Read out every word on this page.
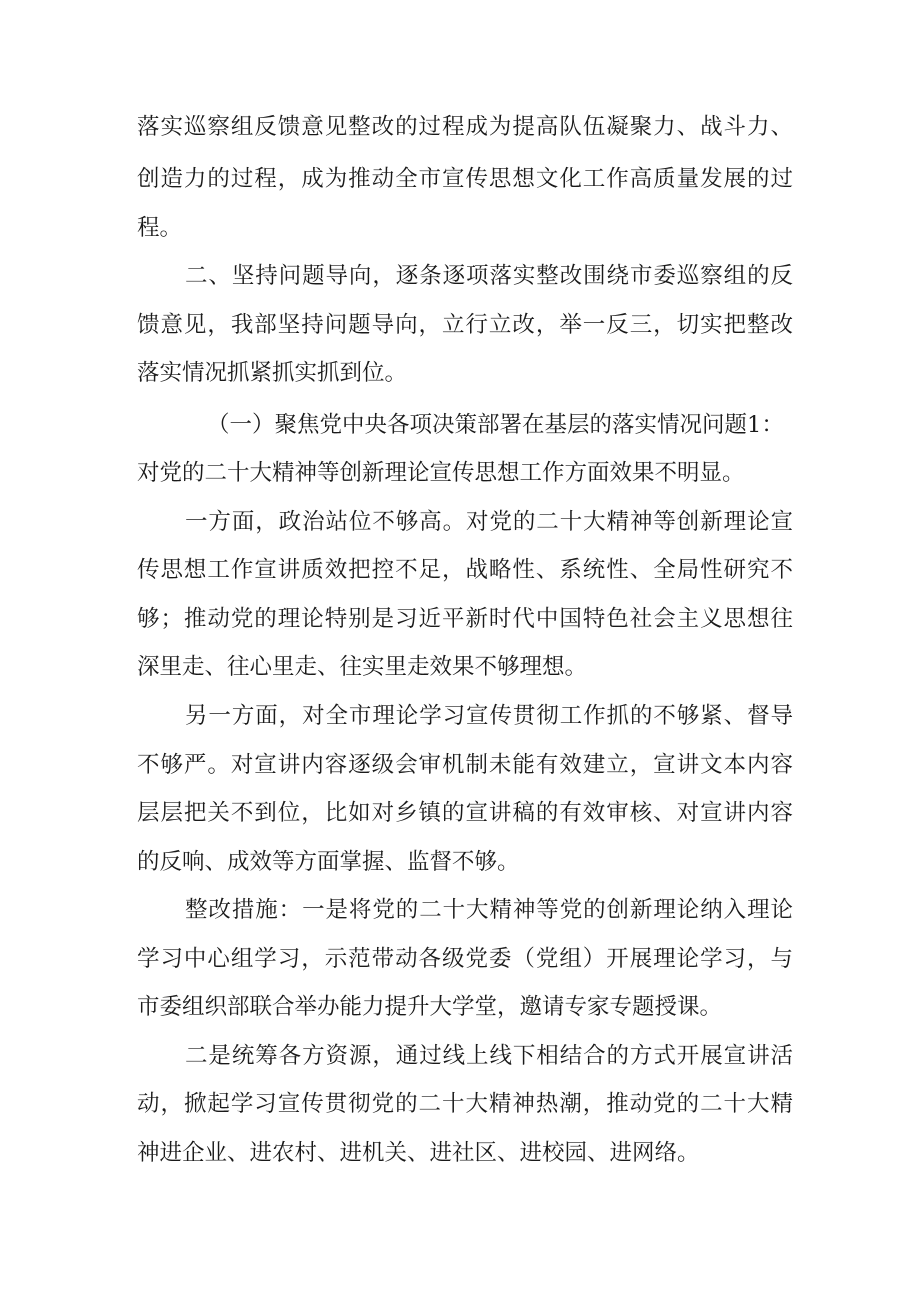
落实巡察组反馈意见整改的过程成为提高队伍凝聚力、战斗力、
创造力的过程，成为推动全市宣传思想文化工作高质量发展的过
程。
二、坚持问题导向，逐条逐项落实整改围绕市委巡察组的反
馈意见，我部坚持问题导向，立行立改，举一反三，切实把整改
落实情况抓紧抓实抓到位。
（一）聚焦党中央各项决策部署在基层的落实情况问题1：
对党的二十大精神等创新理论宣传思想工作方面效果不明显。
一方面，政治站位不够高。对党的二十大精神等创新理论宣
传思想工作宣讲质效把控不足，战略性、系统性、全局性研究不
够；推动党的理论特别是习近平新时代中国特色社会主义思想往
深里走、往心里走、往实里走效果不够理想。
另一方面，对全市理论学习宣传贯彻工作抓的不够紧、督导
不够严。对宣讲内容逐级会审机制未能有效建立，宣讲文本内容
层层把关不到位，比如对乡镇的宣讲稿的有效审核、对宣讲内容
的反响、成效等方面掌握、监督不够。
整改措施：一是将党的二十大精神等党的创新理论纳入理论
学习中心组学习，示范带动各级党委（党组）开展理论学习，与
市委组织部联合举办能力提升大学堂，邀请专家专题授课。
二是统筹各方资源，通过线上线下相结合的方式开展宣讲活
动，掀起学习宣传贯彻党的二十大精神热潮，推动党的二十大精
神进企业、进农村、进机关、进社区、进校园、进网络。
